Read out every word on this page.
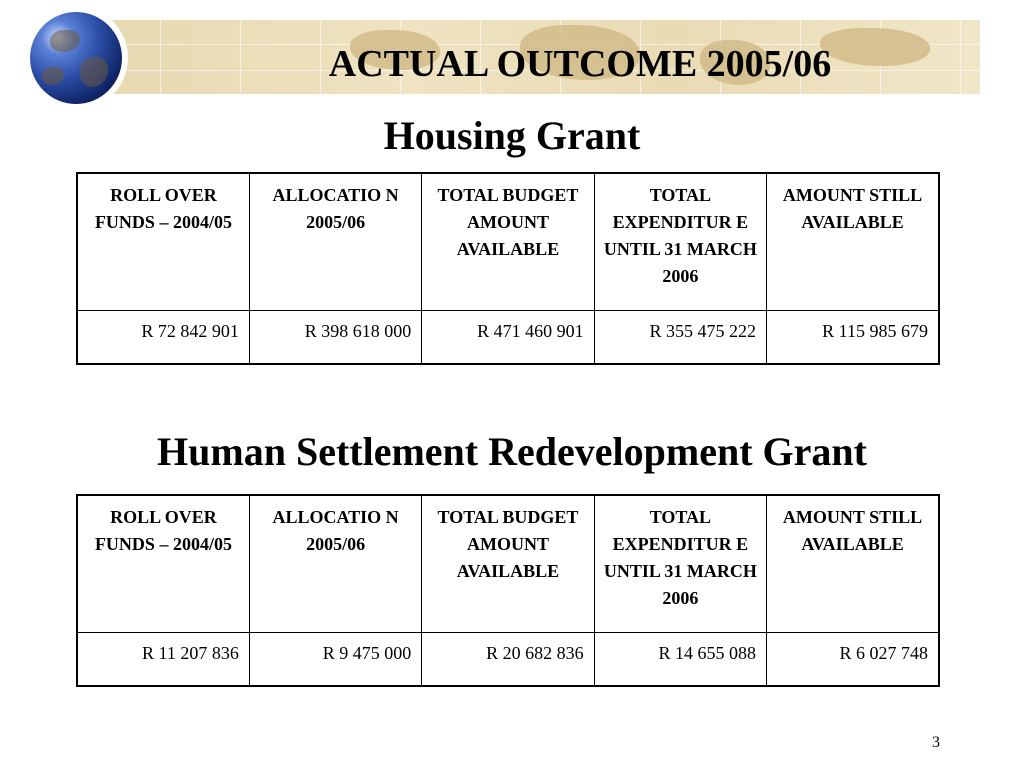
ACTUAL OUTCOME 2005/06
Housing Grant
ROLL OVER FUNDS – 2004/05	ALLOCATIO N 2005/06	TOTAL BUDGET AMOUNT AVAILABLE	TOTAL EXPENDITUR E UNTIL 31 MARCH 2006	AMOUNT STILL AVAILABLE
R 72 842 901	R 398 618 000	R 471 460 901	R 355 475 222	R 115 985 679
Human Settlement Redevelopment Grant
ROLL OVER FUNDS – 2004/05	ALLOCATIO N 2005/06	TOTAL BUDGET AMOUNT AVAILABLE	TOTAL EXPENDITUR E UNTIL 31 MARCH 2006	AMOUNT STILL AVAILABLE
R 11 207 836	R 9 475 000	R 20 682 836	R 14 655 088	R 6 027 748
3
